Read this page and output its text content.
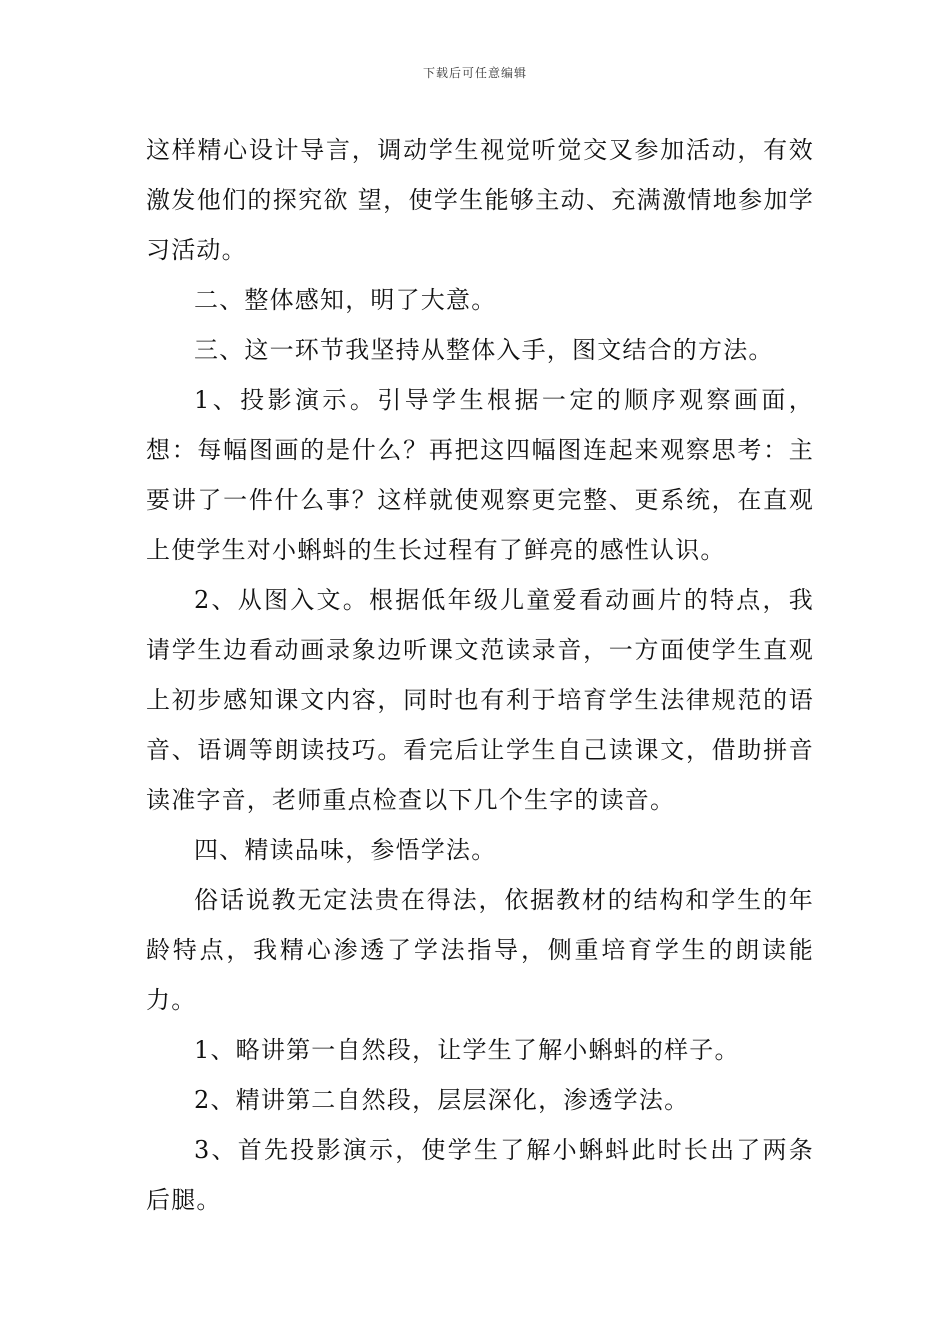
下载后可任意编辑

这样精心设计导言，调动学生视觉听觉交叉参加活动，有效激发他们的探究欲 望，使学生能够主动、充满激情地参加学习活动。

二、整体感知，明了大意。

三、这一环节我坚持从整体入手，图文结合的方法。

1、投影演示。引导学生根据一定的顺序观察画面，想：每幅图画的是什么？再把这四幅图连起来观察思考：主要讲了一件什么事？这样就使观察更完整、更系统，在直观上使学生对小蝌蚪的生长过程有了鲜亮的感性认识。

2、从图入文。根据低年级儿童爱看动画片的特点，我请学生边看动画录象边听课文范读录音，一方面使学生直观上初步感知课文内容，同时也有利于培育学生法律规范的语音、语调等朗读技巧。看完后让学生自己读课文，借助拼音读准字音，老师重点检查以下几个生字的读音。

四、精读品味，参悟学法。

俗话说教无定法贵在得法，依据教材的结构和学生的年龄特点，我精心渗透了学法指导，侧重培育学生的朗读能力。

1、略讲第一自然段，让学生了解小蝌蚪的样子。

2、精讲第二自然段，层层深化，渗透学法。

3、首先投影演示，使学生了解小蝌蚪此时长出了两条后腿。
